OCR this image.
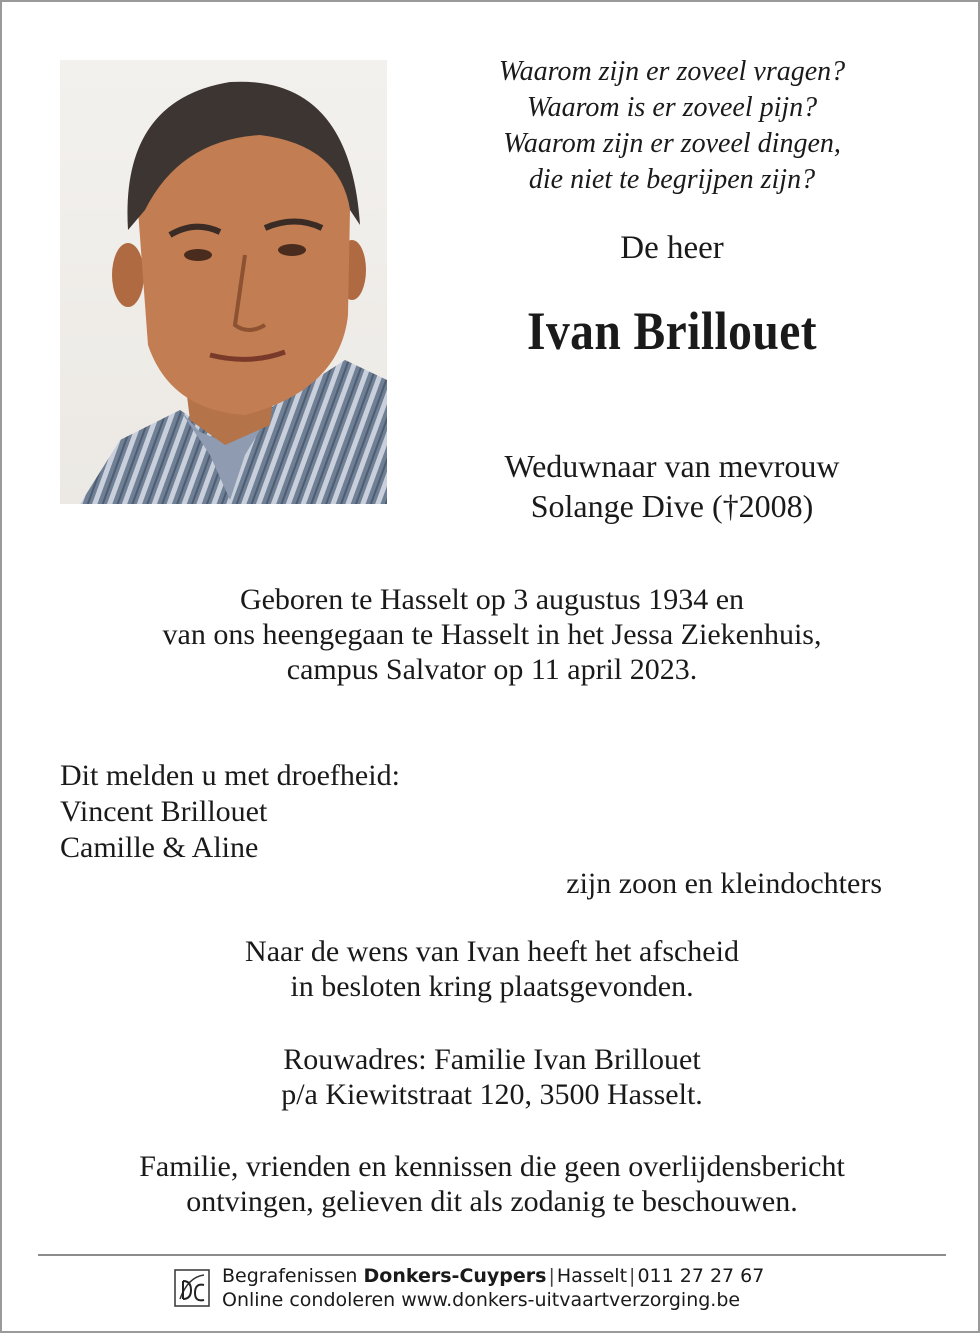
Waarom zijn er zoveel vragen?
Waarom is er zoveel pijn?
Waarom zijn er zoveel dingen,
die niet te begrijpen zijn?
De heer
Ivan Brillouet
Weduwnaar van mevrouw
Solange Dive (†2008)
Geboren te Hasselt op 3 augustus 1934 en
van ons heengegaan te Hasselt in het Jessa Ziekenhuis,
campus Salvator op 11 april 2023.
Dit melden u met droefheid:
Vincent Brillouet
Camille & Aline
zijn zoon en kleindochters
Naar de wens van Ivan heeft het afscheid
in besloten kring plaatsgevonden.
Rouwadres: Familie Ivan Brillouet
p/a Kiewitstraat 120, 3500 Hasselt.
Familie, vrienden en kennissen die geen overlijdensbericht
ontvingen, gelieven dit als zodanig te beschouwen.
Begrafenissen Donkers-Cuypers | Hasselt | 011 27 27 67
Online condoleren www.donkers-uitvaartverzorging.be
